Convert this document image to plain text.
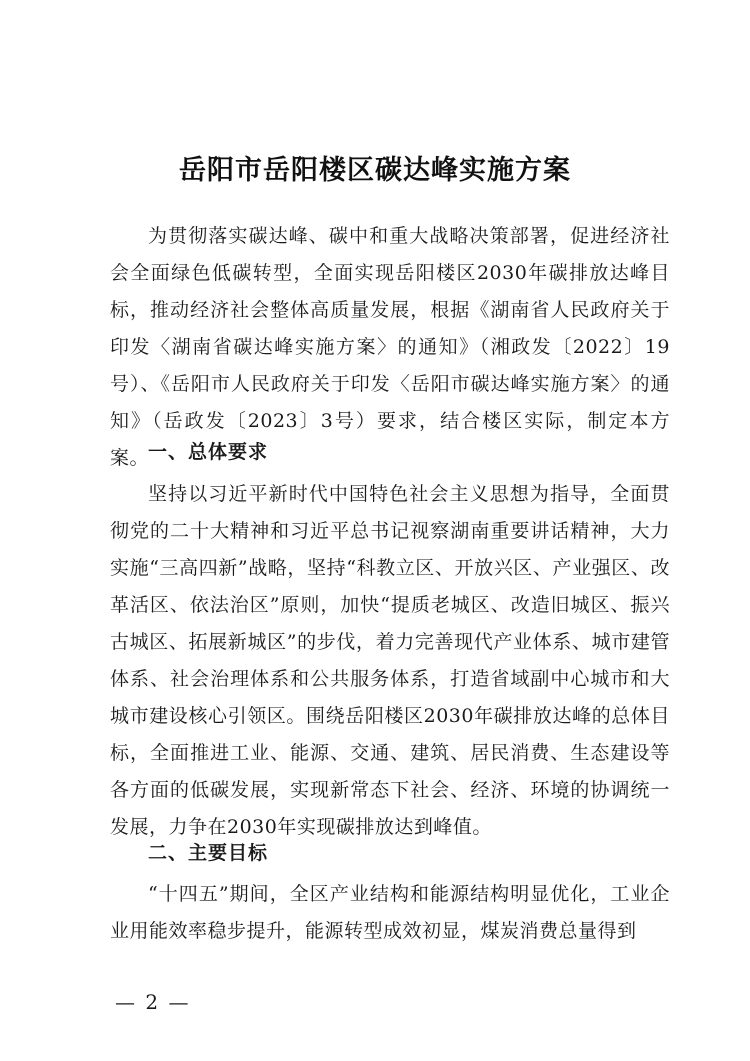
岳阳市岳阳楼区碳达峰实施方案

为贯彻落实碳达峰、碳中和重大战略决策部署，促进经济社会全面绿色低碳转型，全面实现岳阳楼区2030年碳排放达峰目标，推动经济社会整体高质量发展，根据《湖南省人民政府关于印发〈湖南省碳达峰实施方案〉的通知》（湘政发〔2022〕19号）、《岳阳市人民政府关于印发〈岳阳市碳达峰实施方案〉的通知》（岳政发〔2023〕3号）要求，结合楼区实际，制定本方案。

一、总体要求

坚持以习近平新时代中国特色社会主义思想为指导，全面贯彻党的二十大精神和习近平总书记视察湖南重要讲话精神，大力实施“三高四新”战略，坚持“科教立区、开放兴区、产业强区、改革活区、依法治区”原则，加快“提质老城区、改造旧城区、振兴古城区、拓展新城区”的步伐，着力完善现代产业体系、城市建管体系、社会治理体系和公共服务体系，打造省域副中心城市和大城市建设核心引领区。围绕岳阳楼区2030年碳排放达峰的总体目标，全面推进工业、能源、交通、建筑、居民消费、生态建设等各方面的低碳发展，实现新常态下社会、经济、环境的协调统一发展，力争在2030年实现碳排放达到峰值。

二、主要目标

“十四五”期间，全区产业结构和能源结构明显优化，工业企业用能效率稳步提升，能源转型成效初显，煤炭消费总量得到

— 2 —
